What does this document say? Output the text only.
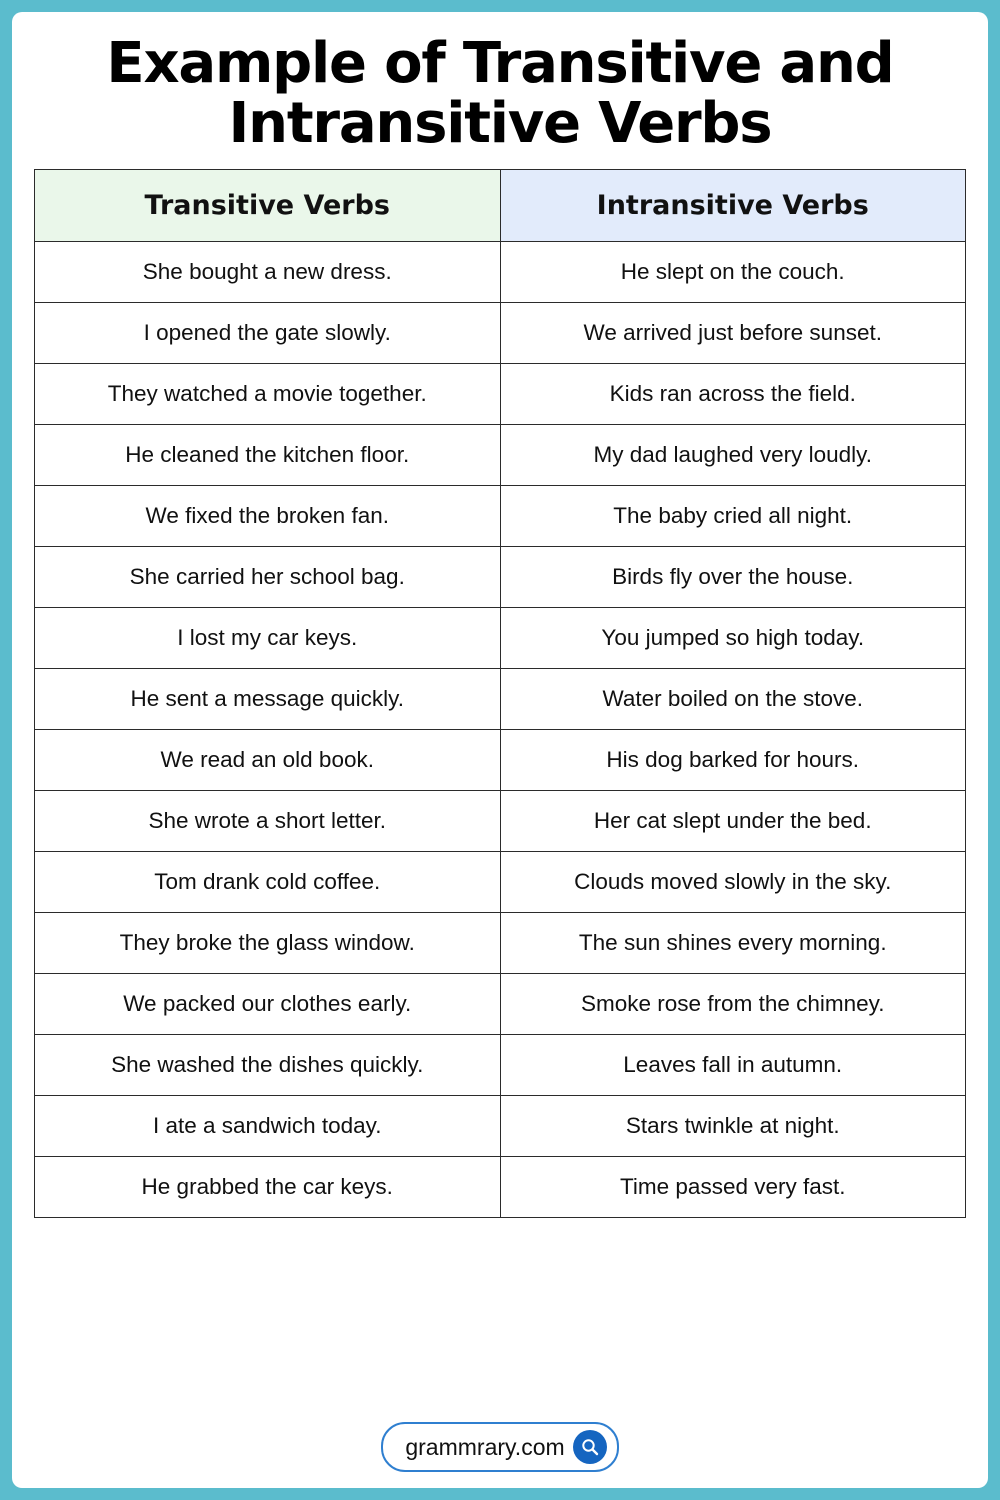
Example of Transitive and Intransitive Verbs
Transitive Verbs	Intransitive Verbs
She bought a new dress.	He slept on the couch.
I opened the gate slowly.	We arrived just before sunset.
They watched a movie together.	Kids ran across the field.
He cleaned the kitchen floor.	My dad laughed very loudly.
We fixed the broken fan.	The baby cried all night.
She carried her school bag.	Birds fly over the house.
I lost my car keys.	You jumped so high today.
He sent a message quickly.	Water boiled on the stove.
We read an old book.	His dog barked for hours.
She wrote a short letter.	Her cat slept under the bed.
Tom drank cold coffee.	Clouds moved slowly in the sky.
They broke the glass window.	The sun shines every morning.
We packed our clothes early.	Smoke rose from the chimney.
She washed the dishes quickly.	Leaves fall in autumn.
I ate a sandwich today.	Stars twinkle at night.
He grabbed the car keys.	Time passed very fast.
grammrary.com
